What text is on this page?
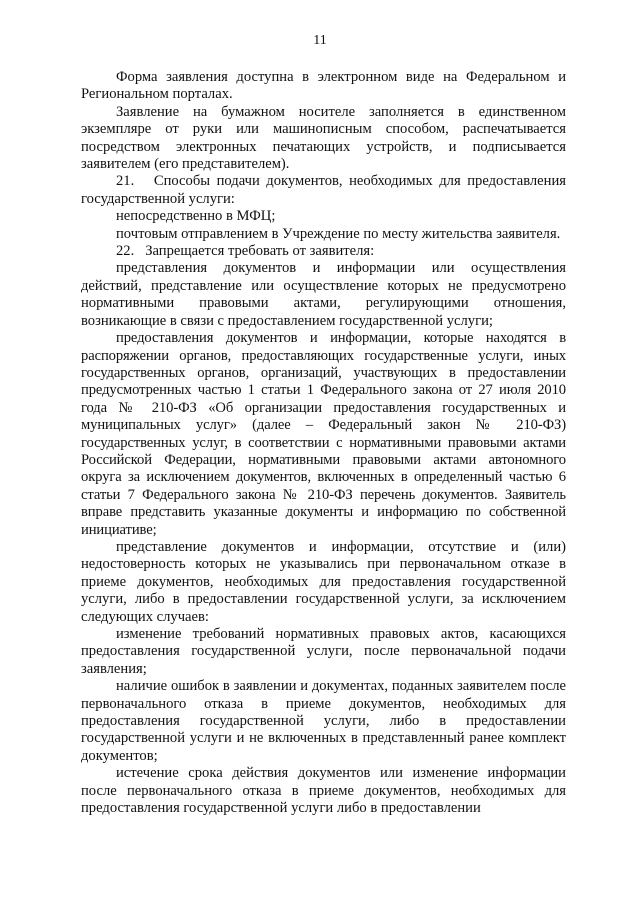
11

Форма заявления доступна в электронном виде на Федеральном и Региональном порталах.

Заявление на бумажном носителе заполняется в единственном экземпляре от руки или машинописным способом, распечатывается посредством электронных печатающих устройств, и подписывается заявителем (его представителем).

21.   Способы подачи документов, необходимых для предоставления государственной услуги:

непосредственно в МФЦ;

почтовым отправлением в Учреждение по месту жительства заявителя.

22.   Запрещается требовать от заявителя:

представления документов и информации или осуществления действий, представление или осуществление которых не предусмотрено нормативными правовыми актами, регулирующими отношения, возникающие в связи с предоставлением государственной услуги;

предоставления документов и информации, которые находятся в распоряжении органов, предоставляющих государственные услуги, иных государственных органов, организаций, участвующих в предоставлении предусмотренных частью 1 статьи 1 Федерального закона от 27 июля 2010 года № 210-ФЗ «Об организации предоставления государственных и муниципальных услуг» (далее – Федеральный закон № 210-ФЗ) государственных услуг, в соответствии с нормативными правовыми актами Российской Федерации, нормативными правовыми актами автономного округа за исключением документов, включенных в определенный частью 6 статьи 7 Федерального закона № 210-ФЗ перечень документов. Заявитель вправе представить указанные документы и информацию по собственной инициативе;

представление документов и информации, отсутствие и (или) недостоверность которых не указывались при первоначальном отказе в приеме документов, необходимых для предоставления государственной услуги, либо в предоставлении государственной услуги, за исключением следующих случаев:

изменение требований нормативных правовых актов, касающихся предоставления государственной услуги, после первоначальной подачи заявления;

наличие ошибок в заявлении и документах, поданных заявителем после первоначального отказа в приеме документов, необходимых для предоставления государственной услуги, либо в предоставлении государственной услуги и не включенных в представленный ранее комплект документов;

истечение срока действия документов или изменение информации после первоначального отказа в приеме документов, необходимых для предоставления государственной услуги либо в предоставлении
